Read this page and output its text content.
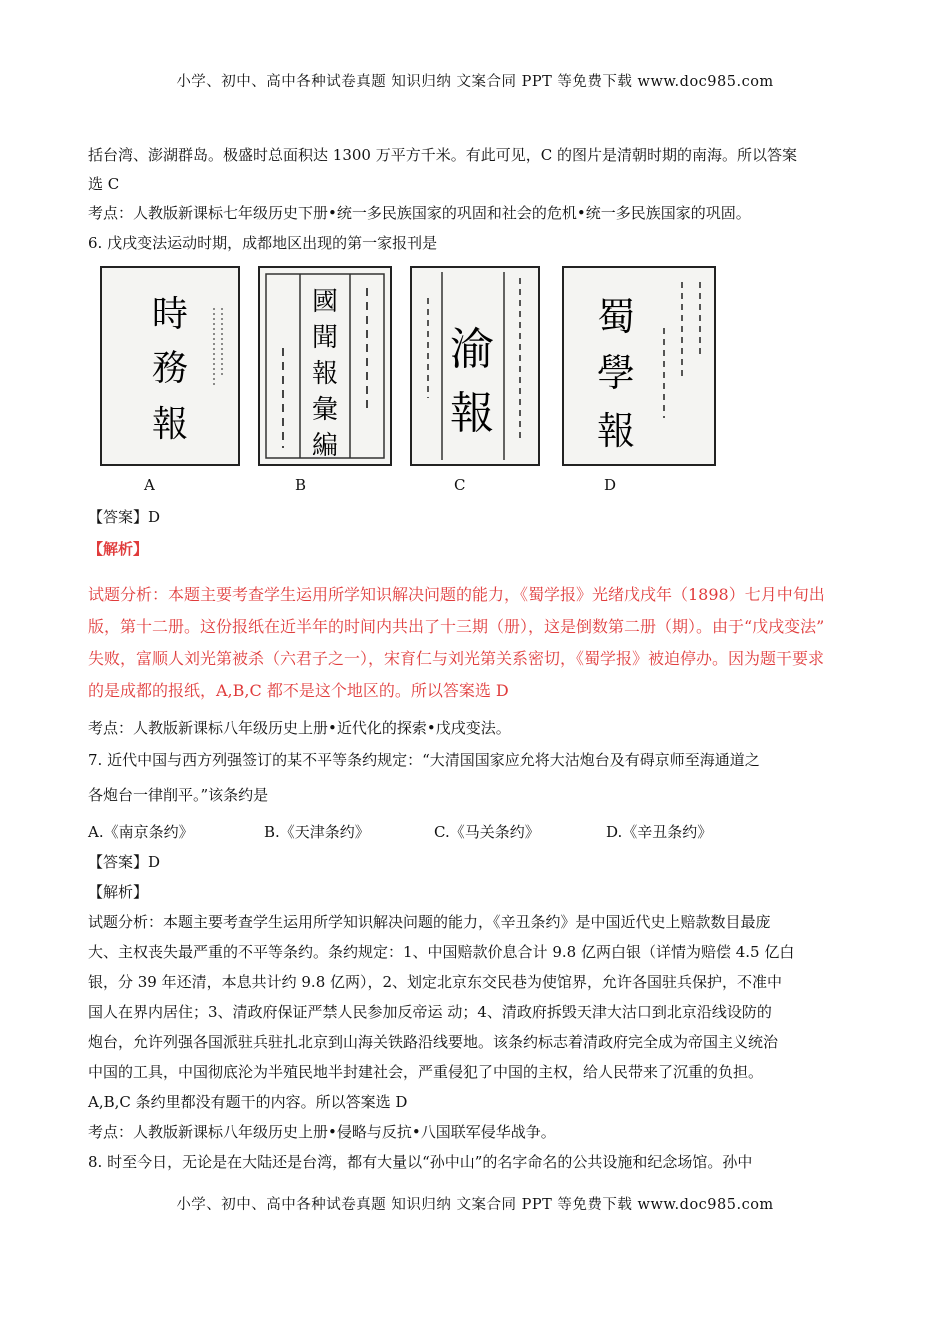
小学、初中、高中各种试卷真题 知识归纳 文案合同 PPT 等免费下载 www.doc985.com

括台湾、澎湖群岛。极盛时总面积达 1300 万平方千米。有此可见，C 的图片是清朝时期的南海。所以答案

选 C

考点：人教版新课标七年级历史下册•统一多民族国家的巩固和社会的危机•统一多民族国家的巩固。

6. 戊戌变法运动时期，成都地区出现的第一家报刊是

時
務
報
國
聞
報
彙
編
渝
報
蜀
學
報
A	B	C	D

【答案】D

【解析】

试题分析：本题主要考查学生运用所学知识解决问题的能力，《蜀学报》光绪戊戌年（1898）七月中旬出
版，第十二册。这份报纸在近半年的时间内共出了十三期（册），这是倒数第二册（期）。由于“戊戌变法”
失败，富顺人刘光第被杀（六君子之一），宋育仁与刘光第关系密切，《蜀学报》被迫停办。因为题干要求
的是成都的报纸，A,B,C 都不是这个地区的。所以答案选 D

考点：人教版新课标八年级历史上册•近代化的探索•戊戌变法。

7. 近代中国与西方列强签订的某不平等条约规定：“大清国国家应允将大沽炮台及有碍京师至海通道之

各炮台一律削平。”该条约是

A.《南京条约》	B.《天津条约》	C.《马关条约》	D.《辛丑条约》

【答案】D

【解析】

试题分析：本题主要考查学生运用所学知识解决问题的能力，《辛丑条约》是中国近代史上赔款数目最庞

大、主权丧失最严重的不平等条约。条约规定：1、中国赔款价息合计 9.8 亿两白银（详情为赔偿 4.5 亿白

银，分 39 年还清，本息共计约 9.8 亿两），2、划定北京东交民巷为使馆界，允许各国驻兵保护，不准中

国人在界内居住；3、清政府保证严禁人民参加反帝运 动；4、清政府拆毁天津大沽口到北京沿线设防的

炮台，允许列强各国派驻兵驻扎北京到山海关铁路沿线要地。该条约标志着清政府完全成为帝国主义统治

中国的工具，中国彻底沦为半殖民地半封建社会，严重侵犯了中国的主权，给人民带来了沉重的负担。

A,B,C 条约里都没有题干的内容。所以答案选 D

考点：人教版新课标八年级历史上册•侵略与反抗•八国联军侵华战争。

8. 时至今日，无论是在大陆还是台湾，都有大量以“孙中山”的名字命名的公共设施和纪念场馆。孙中

小学、初中、高中各种试卷真题 知识归纳 文案合同 PPT 等免费下载 www.doc985.com
